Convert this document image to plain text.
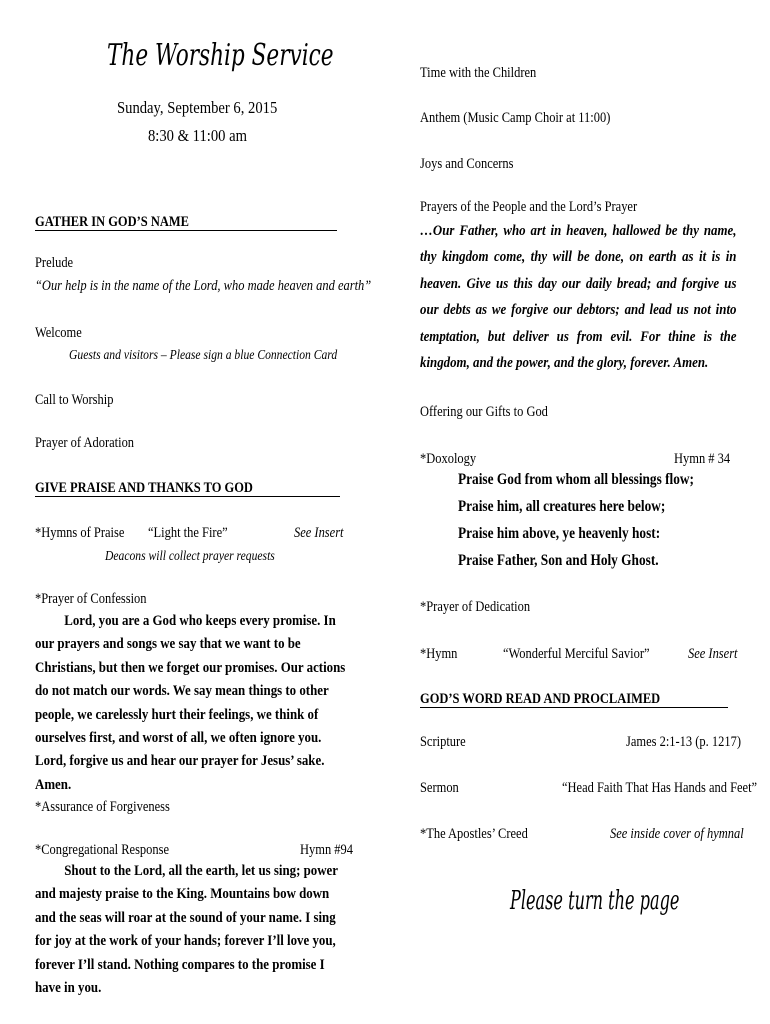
The Worship Service
Sunday, September 6, 2015
8:30 & 11:00 am
GATHER IN GOD’S NAME
Prelude
“Our help is in the name of the Lord, who made heaven and earth”
Welcome
Guests and visitors – Please sign a blue Connection Card
Call to Worship
Prayer of Adoration
GIVE PRAISE AND THANKS TO GOD
*Hymns of Praise “Light the Fire”	See Insert
Deacons will collect prayer requests
*Prayer of Confession
Lord, you are a God who keeps every promise. In our prayers and songs we say that we want to be Christians, but then we forget our promises. Our actions do not match our words. We say mean things to other people, we carelessly hurt their feelings, we think of ourselves first, and worst of all, we often ignore you. Lord, forgive us and hear our prayer for Jesus’ sake. Amen.
*Assurance of Forgiveness
*Congregational Response	Hymn #94
Shout to the Lord, all the earth, let us sing; power and majesty praise to the King. Mountains bow down and the seas will roar at the sound of your name. I sing for joy at the work of your hands; forever I’ll love you, forever I’ll stand. Nothing compares to the promise I have in you.
Time with the Children
Anthem (Music Camp Choir at 11:00)
Joys and Concerns
Prayers of the People and the Lord’s Prayer
…Our Father, who art in heaven, hallowed be thy name, thy kingdom come, thy will be done, on earth as it is in heaven. Give us this day our daily bread; and forgive us our debts as we forgive our debtors; and lead us not into temptation, but deliver us from evil. For thine is the kingdom, and the power, and the glory, forever. Amen.
Offering our Gifts to God
*Doxology	Hymn # 34
Praise God from whom all blessings flow;
Praise him, all creatures here below;
Praise him above, ye heavenly host:
Praise Father, Son and Holy Ghost.
*Prayer of Dedication
*Hymn	“Wonderful Merciful Savior”	See Insert
GOD’S WORD READ AND PROCLAIMED
Scripture	James 2:1-13 (p. 1217)
Sermon	“Head Faith That Has Hands and Feet”
*The Apostles’ Creed	See inside cover of hymnal
Please turn the page
